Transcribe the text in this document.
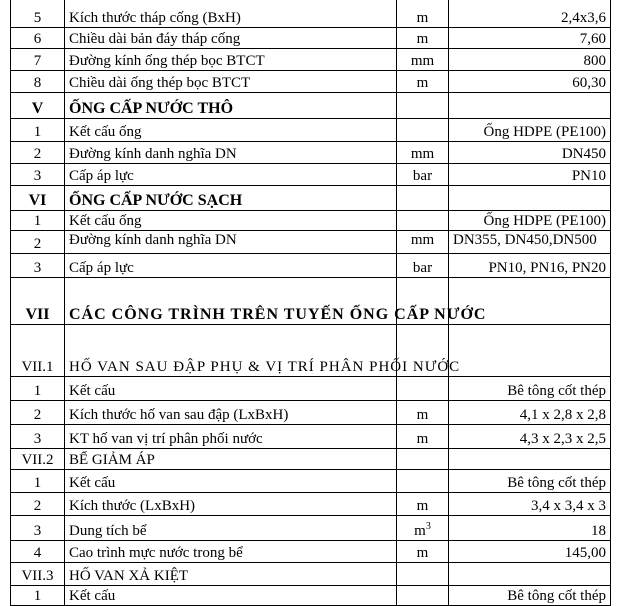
5	Kích thước tháp cống (BxH)	m	2,4x3,6
6	Chiều dài bản đáy tháp cống	m	7,60
7	Đường kính ống thép bọc BTCT	mm	800
8	Chiều dài ống thép bọc BTCT	m	60,30
V	ỐNG CẤP NƯỚC THÔ		
1	Kết cấu ống		Ống HDPE (PE100)
2	Đường kính danh nghĩa DN	mm	DN450
3	Cấp áp lực	bar	PN10
VI	ỐNG CẤP NƯỚC SẠCH		
1	Kết cấu ống		Ống HDPE (PE100)
2	Đường kính danh nghĩa DN	mm	DN355, DN450,DN500
3	Cấp áp lực	bar	PN10, PN16, PN20
VII	CÁC CÔNG TRÌNH TRÊN TUYẾN ỐNG CẤP NƯỚC		
VII.1	HỐ VAN SAU ĐẬP PHỤ & VỊ TRÍ PHÂN PHỐI NƯỚC		
1	Kết cấu		Bê tông cốt thép
2	Kích thước hố van sau đập (LxBxH)	m	4,1 x 2,8 x 2,8
3	KT hố van vị trí phân phối nước	m	4,3 x 2,3 x 2,5
VII.2	BỂ GIẢM ÁP		
1	Kết cấu		Bê tông cốt thép
2	Kích thước (LxBxH)	m	3,4 x 3,4 x 3
3	Dung tích bể	$m^3$	18
4	Cao trình mực nước trong bể	m	145,00
VII.3	HỐ VAN XẢ KIỆT		
1	Kết cấu		Bê tông cốt thép
